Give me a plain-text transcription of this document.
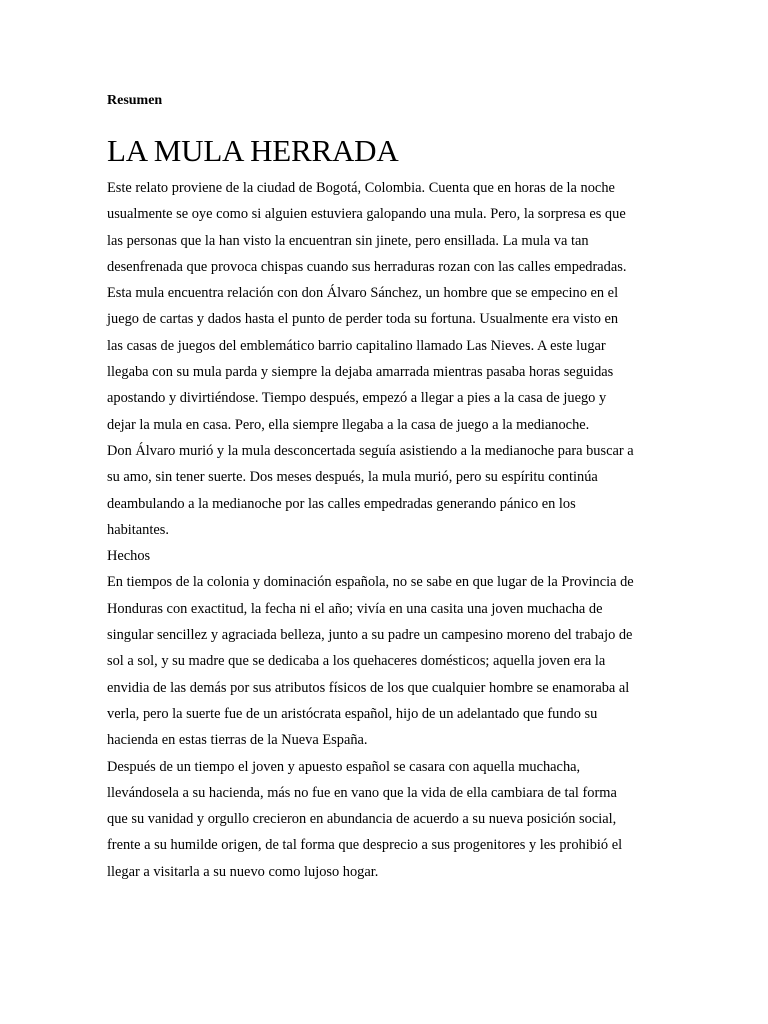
Resumen
LA MULA HERRADA

Este relato proviene de la ciudad de Bogotá, Colombia. Cuenta que en horas de la noche
usualmente se oye como si alguien estuviera galopando una mula. Pero, la sorpresa es que
las personas que la han visto la encuentran sin jinete, pero ensillada. La mula va tan
desenfrenada que provoca chispas cuando sus herraduras rozan con las calles empedradas.
Esta mula encuentra relación con don Álvaro Sánchez, un hombre que se empecino en el
juego de cartas y dados hasta el punto de perder toda su fortuna. Usualmente era visto en
las casas de juegos del emblemático barrio capitalino llamado Las Nieves. A este lugar
llegaba con su mula parda y siempre la dejaba amarrada mientras pasaba horas seguidas
apostando y divirtiéndose. Tiempo después, empezó a llegar a pies a la casa de juego y
dejar la mula en casa. Pero, ella siempre llegaba a la casa de juego a la medianoche.

Don Álvaro murió y la mula desconcertada seguía asistiendo a la medianoche para buscar a
su amo, sin tener suerte. Dos meses después, la mula murió, pero su espíritu continúa
deambulando a la medianoche por las calles empedradas generando pánico en los
habitantes.

Hechos

En tiempos de la colonia y dominación española, no se sabe en que lugar de la Provincia de
Honduras con exactitud, la fecha ni el año; vivía en una casita una joven muchacha de
singular sencillez y agraciada belleza, junto a su padre un campesino moreno del trabajo de
sol a sol, y su madre que se dedicaba a los quehaceres domésticos; aquella joven era la
envidia de las demás por sus atributos físicos de los que cualquier hombre se enamoraba al
verla, pero la suerte fue de un aristócrata español, hijo de un adelantado que fundo su
hacienda en estas tierras de la Nueva España.

Después de un tiempo el joven y apuesto español se casara con aquella muchacha,
llevándosela a su hacienda, más no fue en vano que la vida de ella cambiara de tal forma
que su vanidad y orgullo crecieron en abundancia de acuerdo a su nueva posición social,
frente a su humilde origen, de tal forma que desprecio a sus progenitores y les prohibió el
llegar a visitarla a su nuevo como lujoso hogar.
